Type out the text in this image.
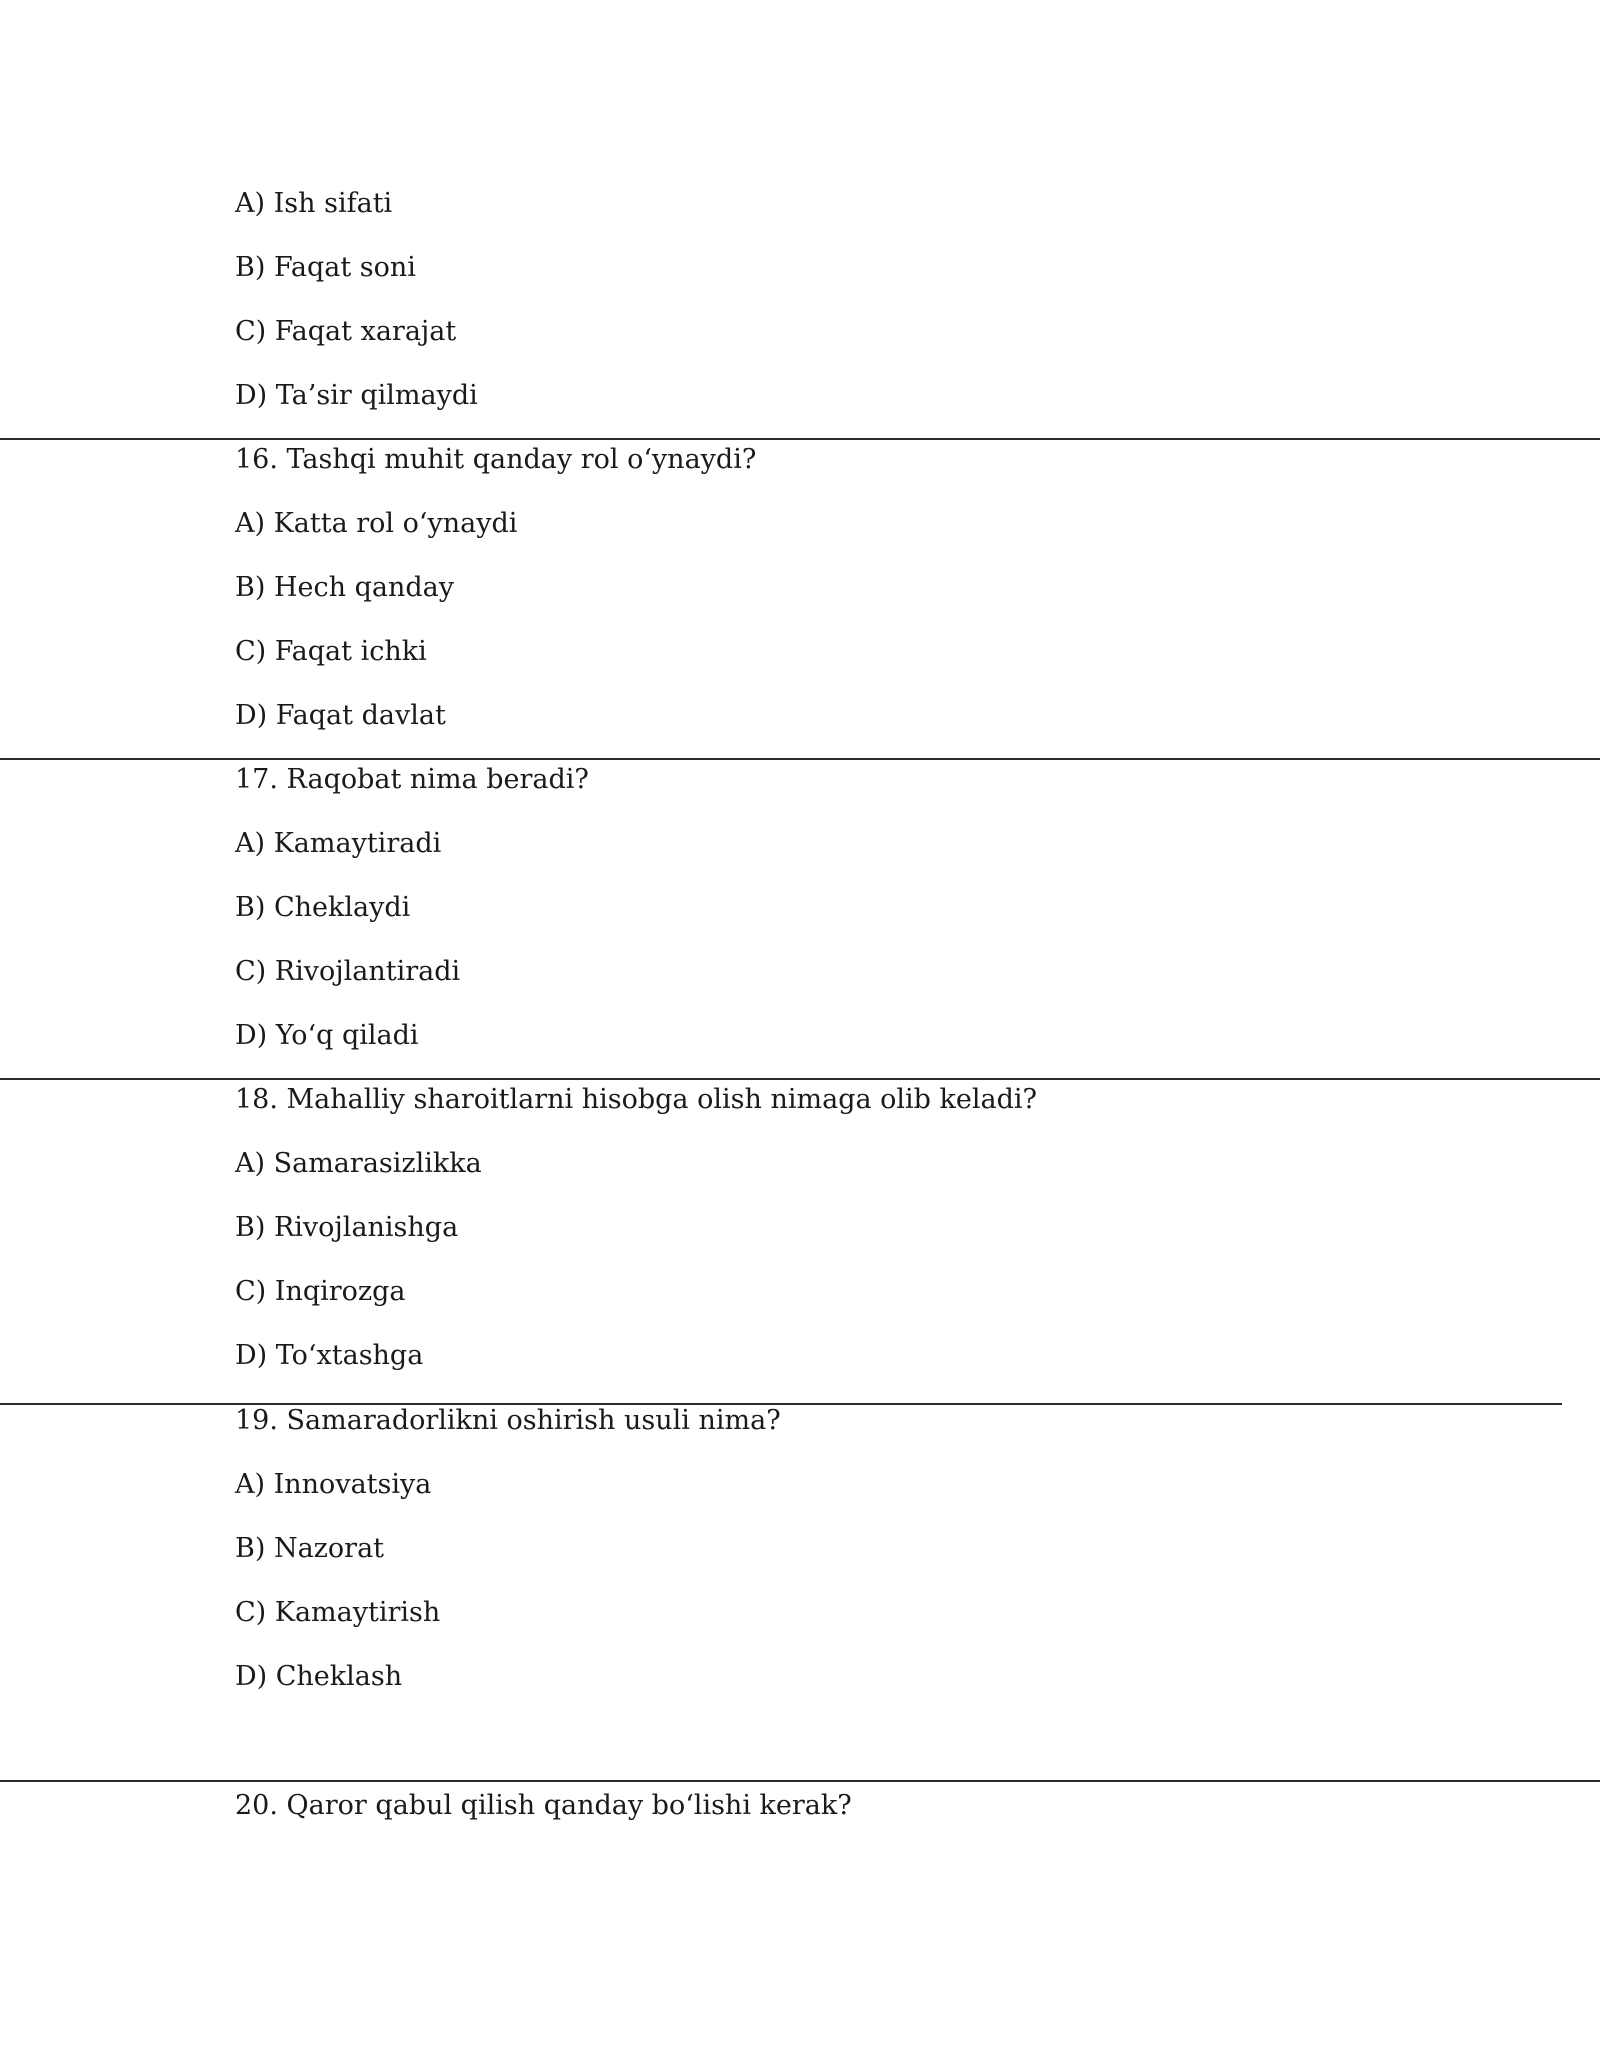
A) Ish sifati
B) Faqat soni
C) Faqat xarajat
D) Ta’sir qilmaydi
16. Tashqi muhit qanday rol o‘ynaydi?
A) Katta rol o‘ynaydi
B) Hech qanday
C) Faqat ichki
D) Faqat davlat
17. Raqobat nima beradi?
A) Kamaytiradi
B) Cheklaydi
C) Rivojlantiradi
D) Yo‘q qiladi
18. Mahalliy sharoitlarni hisobga olish nimaga olib keladi?
A) Samarasizlikka
B) Rivojlanishga
C) Inqirozga
D) To‘xtashga
19. Samaradorlikni oshirish usuli nima?
A) Innovatsiya
B) Nazorat
C) Kamaytirish
D) Cheklash
20. Qaror qabul qilish qanday bo‘lishi kerak?
